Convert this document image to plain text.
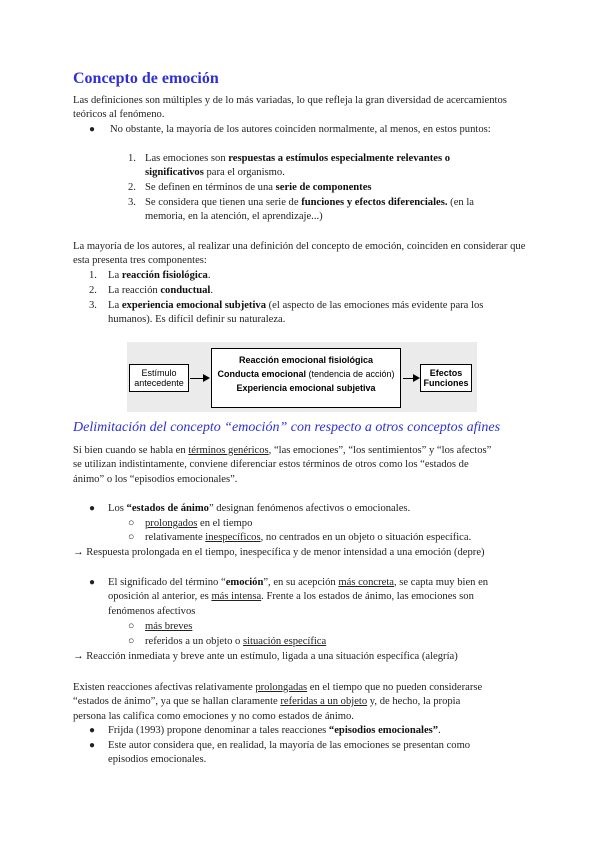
Concepto de emoción
Las definiciones son múltiples y de lo más variadas, lo que refleja la gran diversidad de acercamientos teóricos al fenómeno.
● No obstante, la mayoría de los autores coinciden normalmente, al menos, en estos puntos:
1. Las emociones son respuestas a estímulos especialmente relevantes o
significativos para el organismo.
2. Se definen en términos de una serie de componentes
3. Se considera que tienen una serie de funciones y efectos diferenciales. (en la
memoria, en la atención, el aprendizaje...)
La mayoría de los autores, al realizar una definición del concepto de emoción, coinciden en considerar que esta presenta tres componentes:
1. La reacción fisiológica.
2. La reacción conductual.
3. La experiencia emocional subjetiva (el aspecto de las emociones más evidente para los
humanos). Es difícil definir su naturaleza.
Estímulo antecedente
Reacción emocional fisiológica
Conducta emocional (tendencia de acción)
Experiencia emocional subjetiva
Efectos Funciones
Delimitación del concepto “emoción” con respecto a otros conceptos afines
Si bien cuando se habla en términos genéricos, “las emociones”, “los sentimientos” y “los afectos”
se utilizan indistintamente, conviene diferenciar estos términos de otros como los “estados de
ánimo” o los “episodios emocionales”.
● Los “estados de ánimo” designan fenómenos afectivos o emocionales.
○ prolongados en el tiempo
○ relativamente inespecíficos, no centrados en un objeto o situación específica.
→ Respuesta prolongada en el tiempo, inespecífica y de menor intensidad a una emoción (depre)
● El significado del término “emoción”, en su acepción más concreta, se capta muy bien en
oposición al anterior, es más intensa. Frente a los estados de ánimo, las emociones son
fenómenos afectivos
○ más breves
○ referidos a un objeto o situación específica
→ Reacción inmediata y breve ante un estímulo, ligada a una situación específica (alegría)
Existen reacciones afectivas relativamente prolongadas en el tiempo que no pueden considerarse
“estados de ánimo”, ya que se hallan claramente referidas a un objeto y, de hecho, la propia
persona las califica como emociones y no como estados de ánimo.
● Frijda (1993) propone denominar a tales reacciones “episodios emocionales”.
● Este autor considera que, en realidad, la mayoría de las emociones se presentan como
episodios emocionales.
